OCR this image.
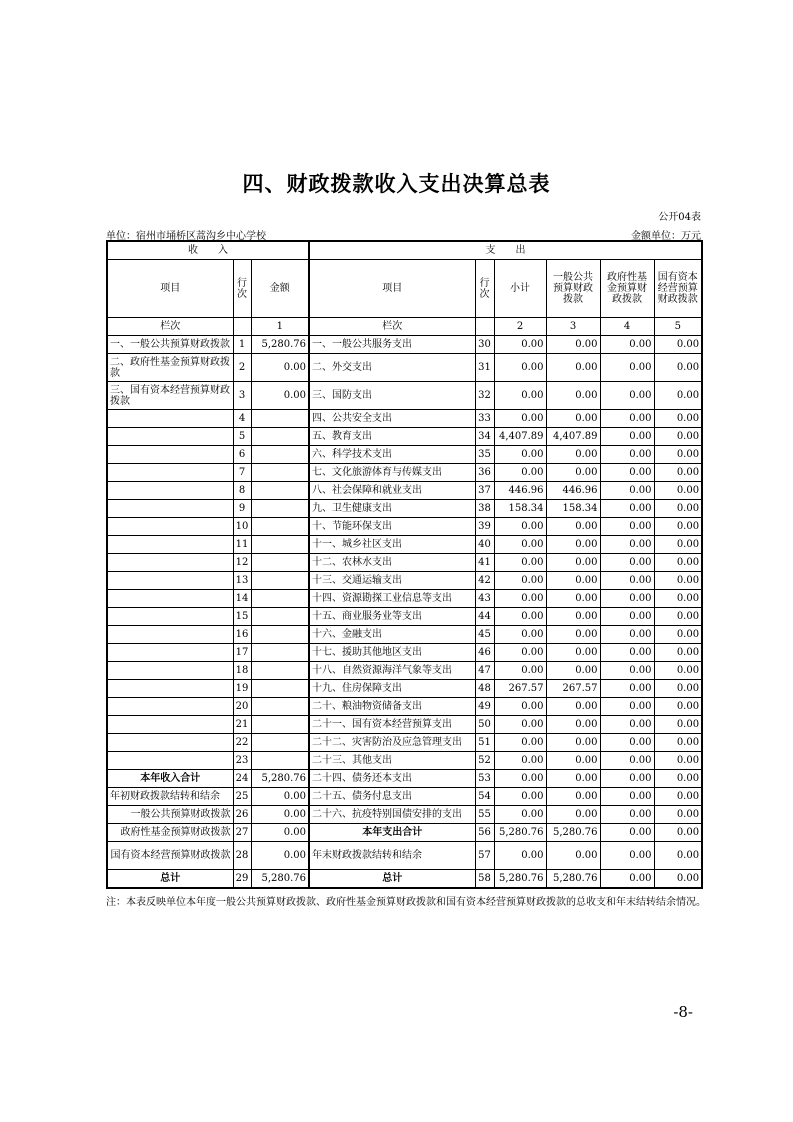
四、财政拨款收入支出决算总表
公开04表
单位：宿州市埇桥区蒿沟乡中心学校	金额单位：万元
收　　入			支　　出					
项目	行次	金额	项目	行次	小计	一般公共预算财政拨款	政府性基金预算财政拨款	国有资本经营预算财政拨款
栏次		1	栏次		2	3	4	5
一、一般公共预算财政拨款	1	5,280.76	一、一般公共服务支出	30	0.00	0.00	0.00	0.00
二、政府性基金预算财政拨款	2	0.00	二、外交支出	31	0.00	0.00	0.00	0.00
三、国有资本经营预算财政拨款	3	0.00	三、国防支出	32	0.00	0.00	0.00	0.00
	4		四、公共安全支出	33	0.00	0.00	0.00	0.00
	5		五、教育支出	34	4,407.89	4,407.89	0.00	0.00
	6		六、科学技术支出	35	0.00	0.00	0.00	0.00
	7		七、文化旅游体育与传媒支出	36	0.00	0.00	0.00	0.00
	8		八、社会保障和就业支出	37	446.96	446.96	0.00	0.00
	9		九、卫生健康支出	38	158.34	158.34	0.00	0.00
	10		十、节能环保支出	39	0.00	0.00	0.00	0.00
	11		十一、城乡社区支出	40	0.00	0.00	0.00	0.00
	12		十二、农林水支出	41	0.00	0.00	0.00	0.00
	13		十三、交通运输支出	42	0.00	0.00	0.00	0.00
	14		十四、资源勘探工业信息等支出	43	0.00	0.00	0.00	0.00
	15		十五、商业服务业等支出	44	0.00	0.00	0.00	0.00
	16		十六、金融支出	45	0.00	0.00	0.00	0.00
	17		十七、援助其他地区支出	46	0.00	0.00	0.00	0.00
	18		十八、自然资源海洋气象等支出	47	0.00	0.00	0.00	0.00
	19		十九、住房保障支出	48	267.57	267.57	0.00	0.00
	20		二十、粮油物资储备支出	49	0.00	0.00	0.00	0.00
	21		二十一、国有资本经营预算支出	50	0.00	0.00	0.00	0.00
	22		二十二、灾害防治及应急管理支出	51	0.00	0.00	0.00	0.00
	23		二十三、其他支出	52	0.00	0.00	0.00	0.00
本年收入合计	24	5,280.76	二十四、债务还本支出	53	0.00	0.00	0.00	0.00
年初财政拨款结转和结余	25	0.00	二十五、债务付息支出	54	0.00	0.00	0.00	0.00
一般公共预算财政拨款	26	0.00	二十六、抗疫特别国债安排的支出	55	0.00	0.00	0.00	0.00
政府性基金预算财政拨款	27	0.00	本年支出合计	56	5,280.76	5,280.76	0.00	0.00
国有资本经营预算财政拨款	28	0.00	年末财政拨款结转和结余	57	0.00	0.00	0.00	0.00
总计	29	5,280.76	总计	58	5,280.76	5,280.76	0.00	0.00
注：本表反映单位本年度一般公共预算财政拨款、政府性基金预算财政拨款和国有资本经营预算财政拨款的总收支和年末结转结余情况。
-8-
